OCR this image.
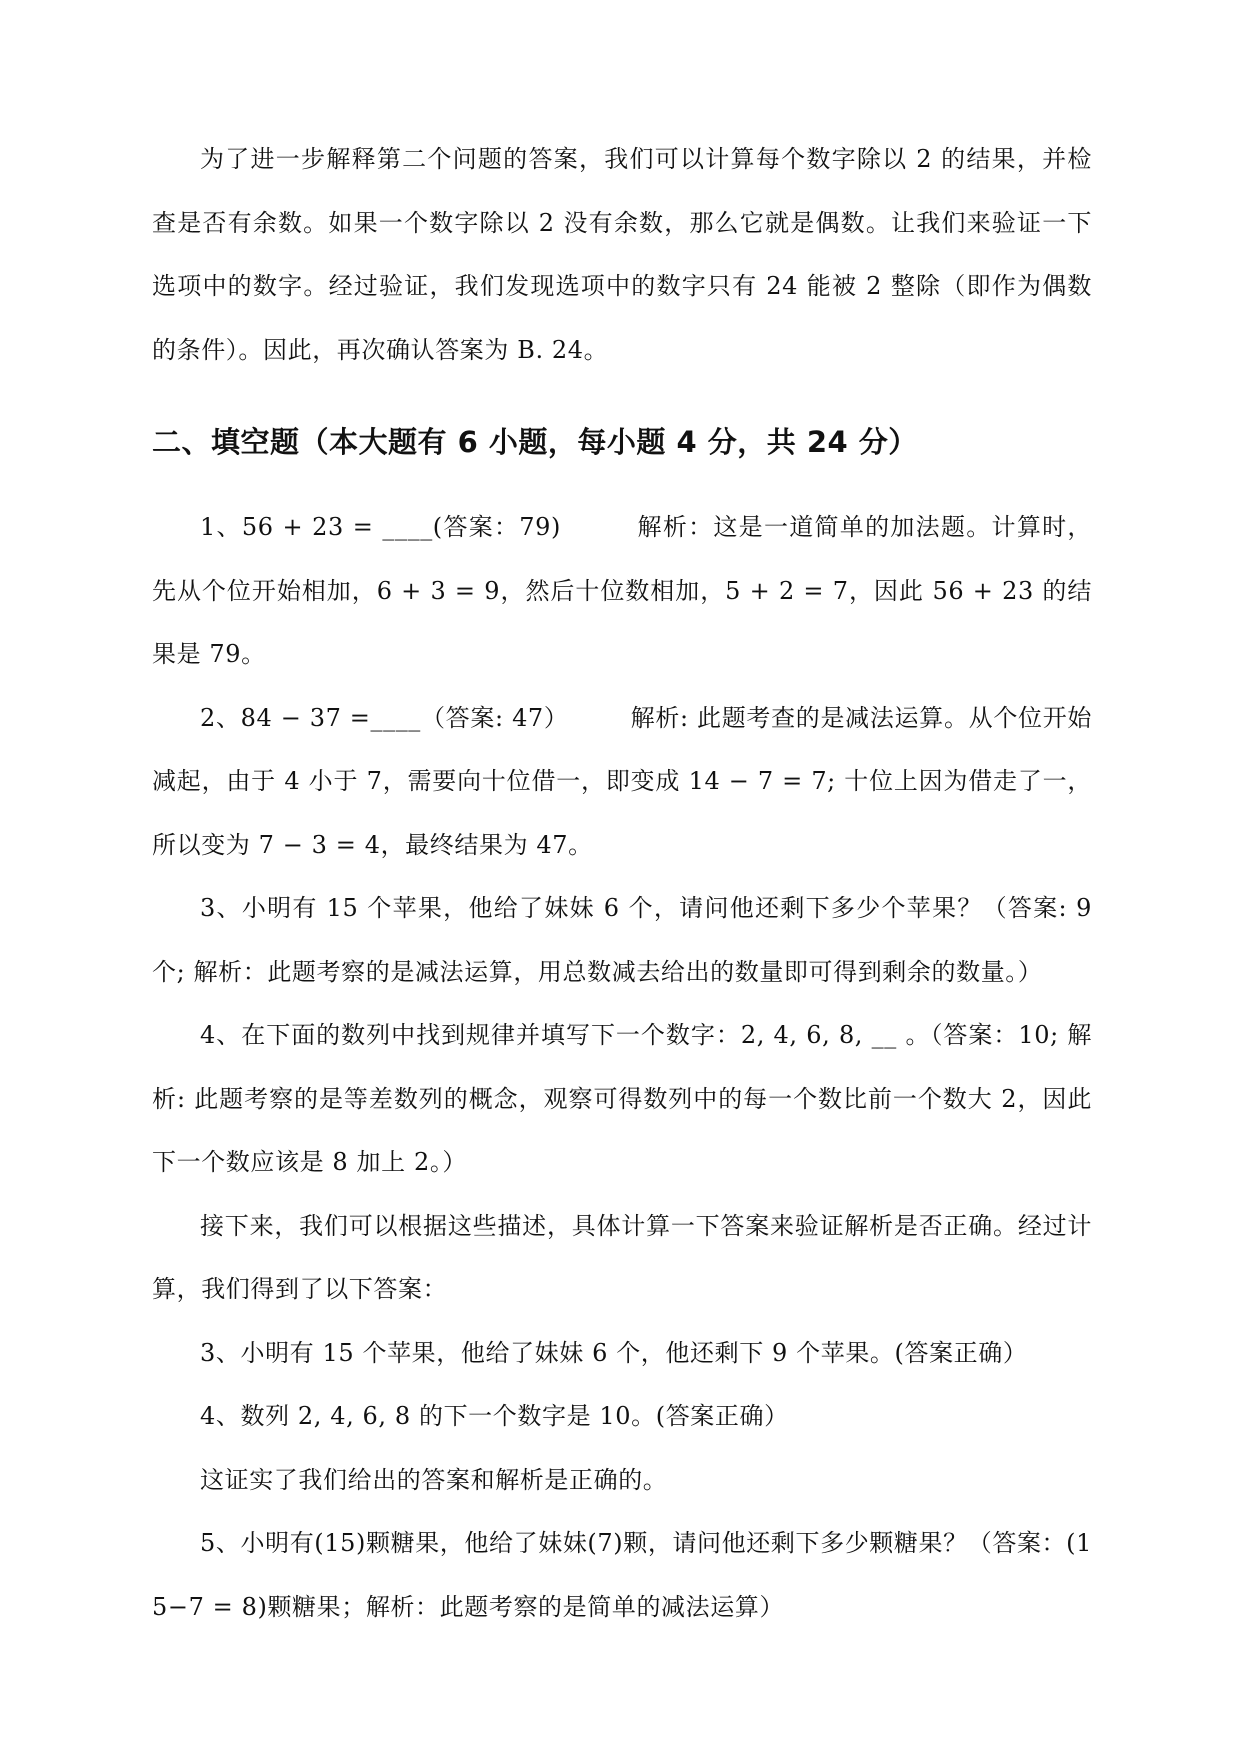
为了进一步解释第二个问题的答案，我们可以计算每个数字除以 2 的结果，并检查是否有余数。如果一个数字除以 2 没有余数，那么它就是偶数。让我们来验证一下选项中的数字。经过验证，我们发现选项中的数字只有 24 能被 2 整除（即作为偶数的条件）。因此，再次确认答案为 B. 24。

二、填空题（本大题有 6 小题，每小题 4 分，共 24 分）

1、56 + 23 = ____(答案：79)　　　解析：这是一道简单的加法题。计算时，先从个位开始相加，6 + 3 = 9，然后十位数相加，5 + 2 = 7，因此 56 + 23 的结果是 79。

2、84 − 37 =____（答案: 47）　　　解析: 此题考查的是减法运算。从个位开始减起，由于 4 小于 7，需要向十位借一，即变成 14 − 7 = 7; 十位上因为借走了一，所以变为 7 − 3 = 4，最终结果为 47。

3、小明有 15 个苹果，他给了妹妹 6 个，请问他还剩下多少个苹果？（答案: 9 个; 解析：此题考察的是减法运算，用总数减去给出的数量即可得到剩余的数量。）

4、在下面的数列中找到规律并填写下一个数字：2, 4, 6, 8, __ 。（答案：10; 解析: 此题考察的是等差数列的概念，观察可得数列中的每一个数比前一个数大 2，因此下一个数应该是 8 加上 2。）

接下来，我们可以根据这些描述，具体计算一下答案来验证解析是否正确。经过计算，我们得到了以下答案：

3、小明有 15 个苹果，他给了妹妹 6 个，他还剩下 9 个苹果。(答案正确）

4、数列 2, 4, 6, 8 的下一个数字是 10。(答案正确）

这证实了我们给出的答案和解析是正确的。

5、小明有(15)颗糖果，他给了妹妹(7)颗，请问他还剩下多少颗糖果？（答案：(15−7 = 8)颗糖果；解析：此题考察的是简单的减法运算）
